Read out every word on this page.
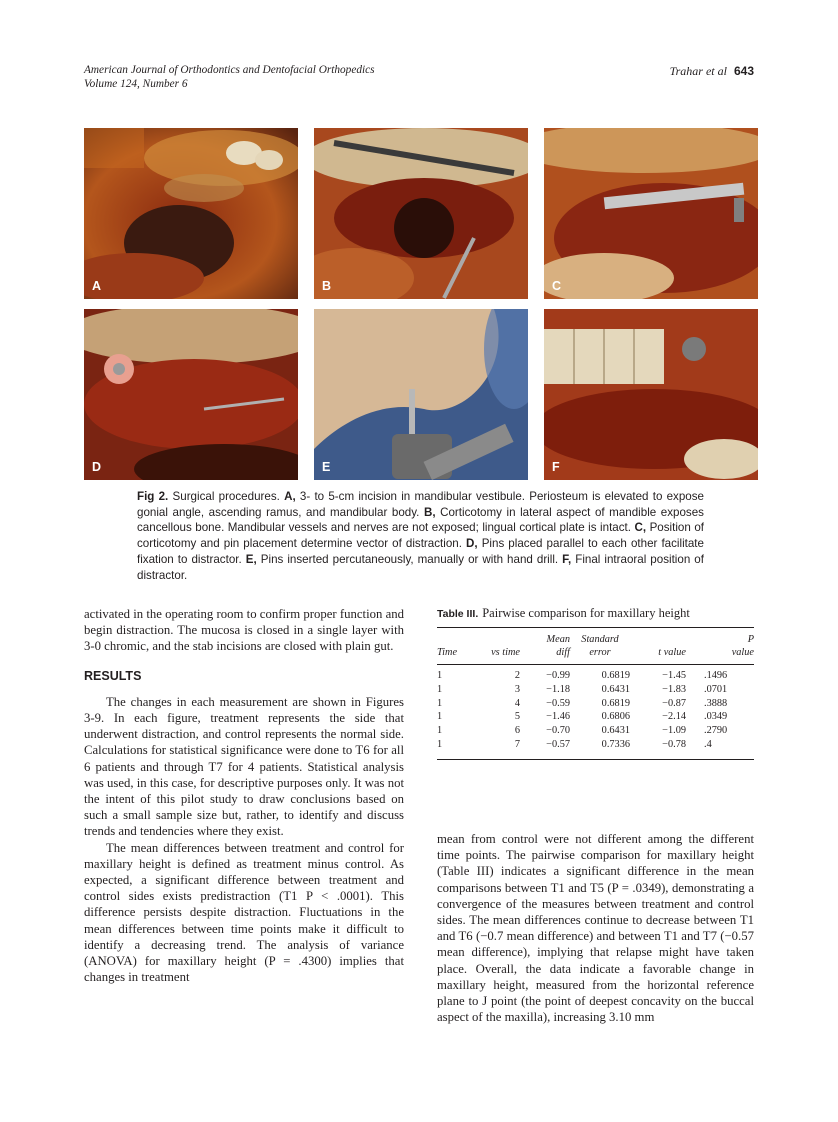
American Journal of Orthodontics and Dentofacial Orthopedics
Volume 124, Number 6
Trahar et al 643
A	B	C
D	E	F
Fig 2. Surgical procedures. A, 3- to 5-cm incision in mandibular vestibule. Periosteum is elevated to expose gonial angle, ascending ramus, and mandibular body. B, Corticotomy in lateral aspect of mandible exposes cancellous bone. Mandibular vessels and nerves are not exposed; lingual cortical plate is intact. C, Position of corticotomy and pin placement determine vector of distraction. D, Pins placed parallel to each other facilitate fixation to distractor. E, Pins inserted percutaneously, manually or with hand drill. F, Final intraoral position of distractor.

activated in the operating room to confirm proper function and begin distraction. The mucosa is closed in a single layer with 3-0 chromic, and the stab incisions are closed with plain gut.

RESULTS

The changes in each measurement are shown in Figures 3-9. In each figure, treatment represents the side that underwent distraction, and control represents the normal side. Calculations for statistical significance were done to T6 for all 6 patients and through T7 for 4 patients. Statistical analysis was used, in this case, for descriptive purposes only. It was not the intent of this pilot study to draw conclusions based on such a small sample size but, rather, to identify and discuss trends and tendencies where they exist.

The mean differences between treatment and control for maxillary height is defined as treatment minus control. As expected, a significant difference between treatment and control sides exists predistraction (T1 P < .0001). This difference persists despite distraction. Fluctuations in the mean differences between time points make it difficult to identify a decreasing trend. The analysis of variance (ANOVA) for maxillary height (P = .4300) implies that changes in treatment

Table III. Pairwise comparison for maxillary height
		Mean	Standard		P
Time	vs time	diff	error	t value	value
1	2	−0.99	0.6819	−1.45	.1496
1	3	−1.18	0.6431	−1.83	.0701
1	4	−0.59	0.6819	−0.87	.3888
1	5	−1.46	0.6806	−2.14	.0349
1	6	−0.70	0.6431	−1.09	.2790
1	7	−0.57	0.7336	−0.78	.4

mean from control were not different among the different time points. The pairwise comparison for maxillary height (Table III) indicates a significant difference in the mean comparisons between T1 and T5 (P = .0349), demonstrating a convergence of the measures between treatment and control sides. The mean differences continue to decrease between T1 and T6 (−0.7 mean difference) and between T1 and T7 (−0.57 mean difference), implying that relapse might have taken place. Overall, the data indicate a favorable change in maxillary height, measured from the horizontal reference plane to J point (the point of deepest concavity on the buccal aspect of the maxilla), increasing 3.10 mm
